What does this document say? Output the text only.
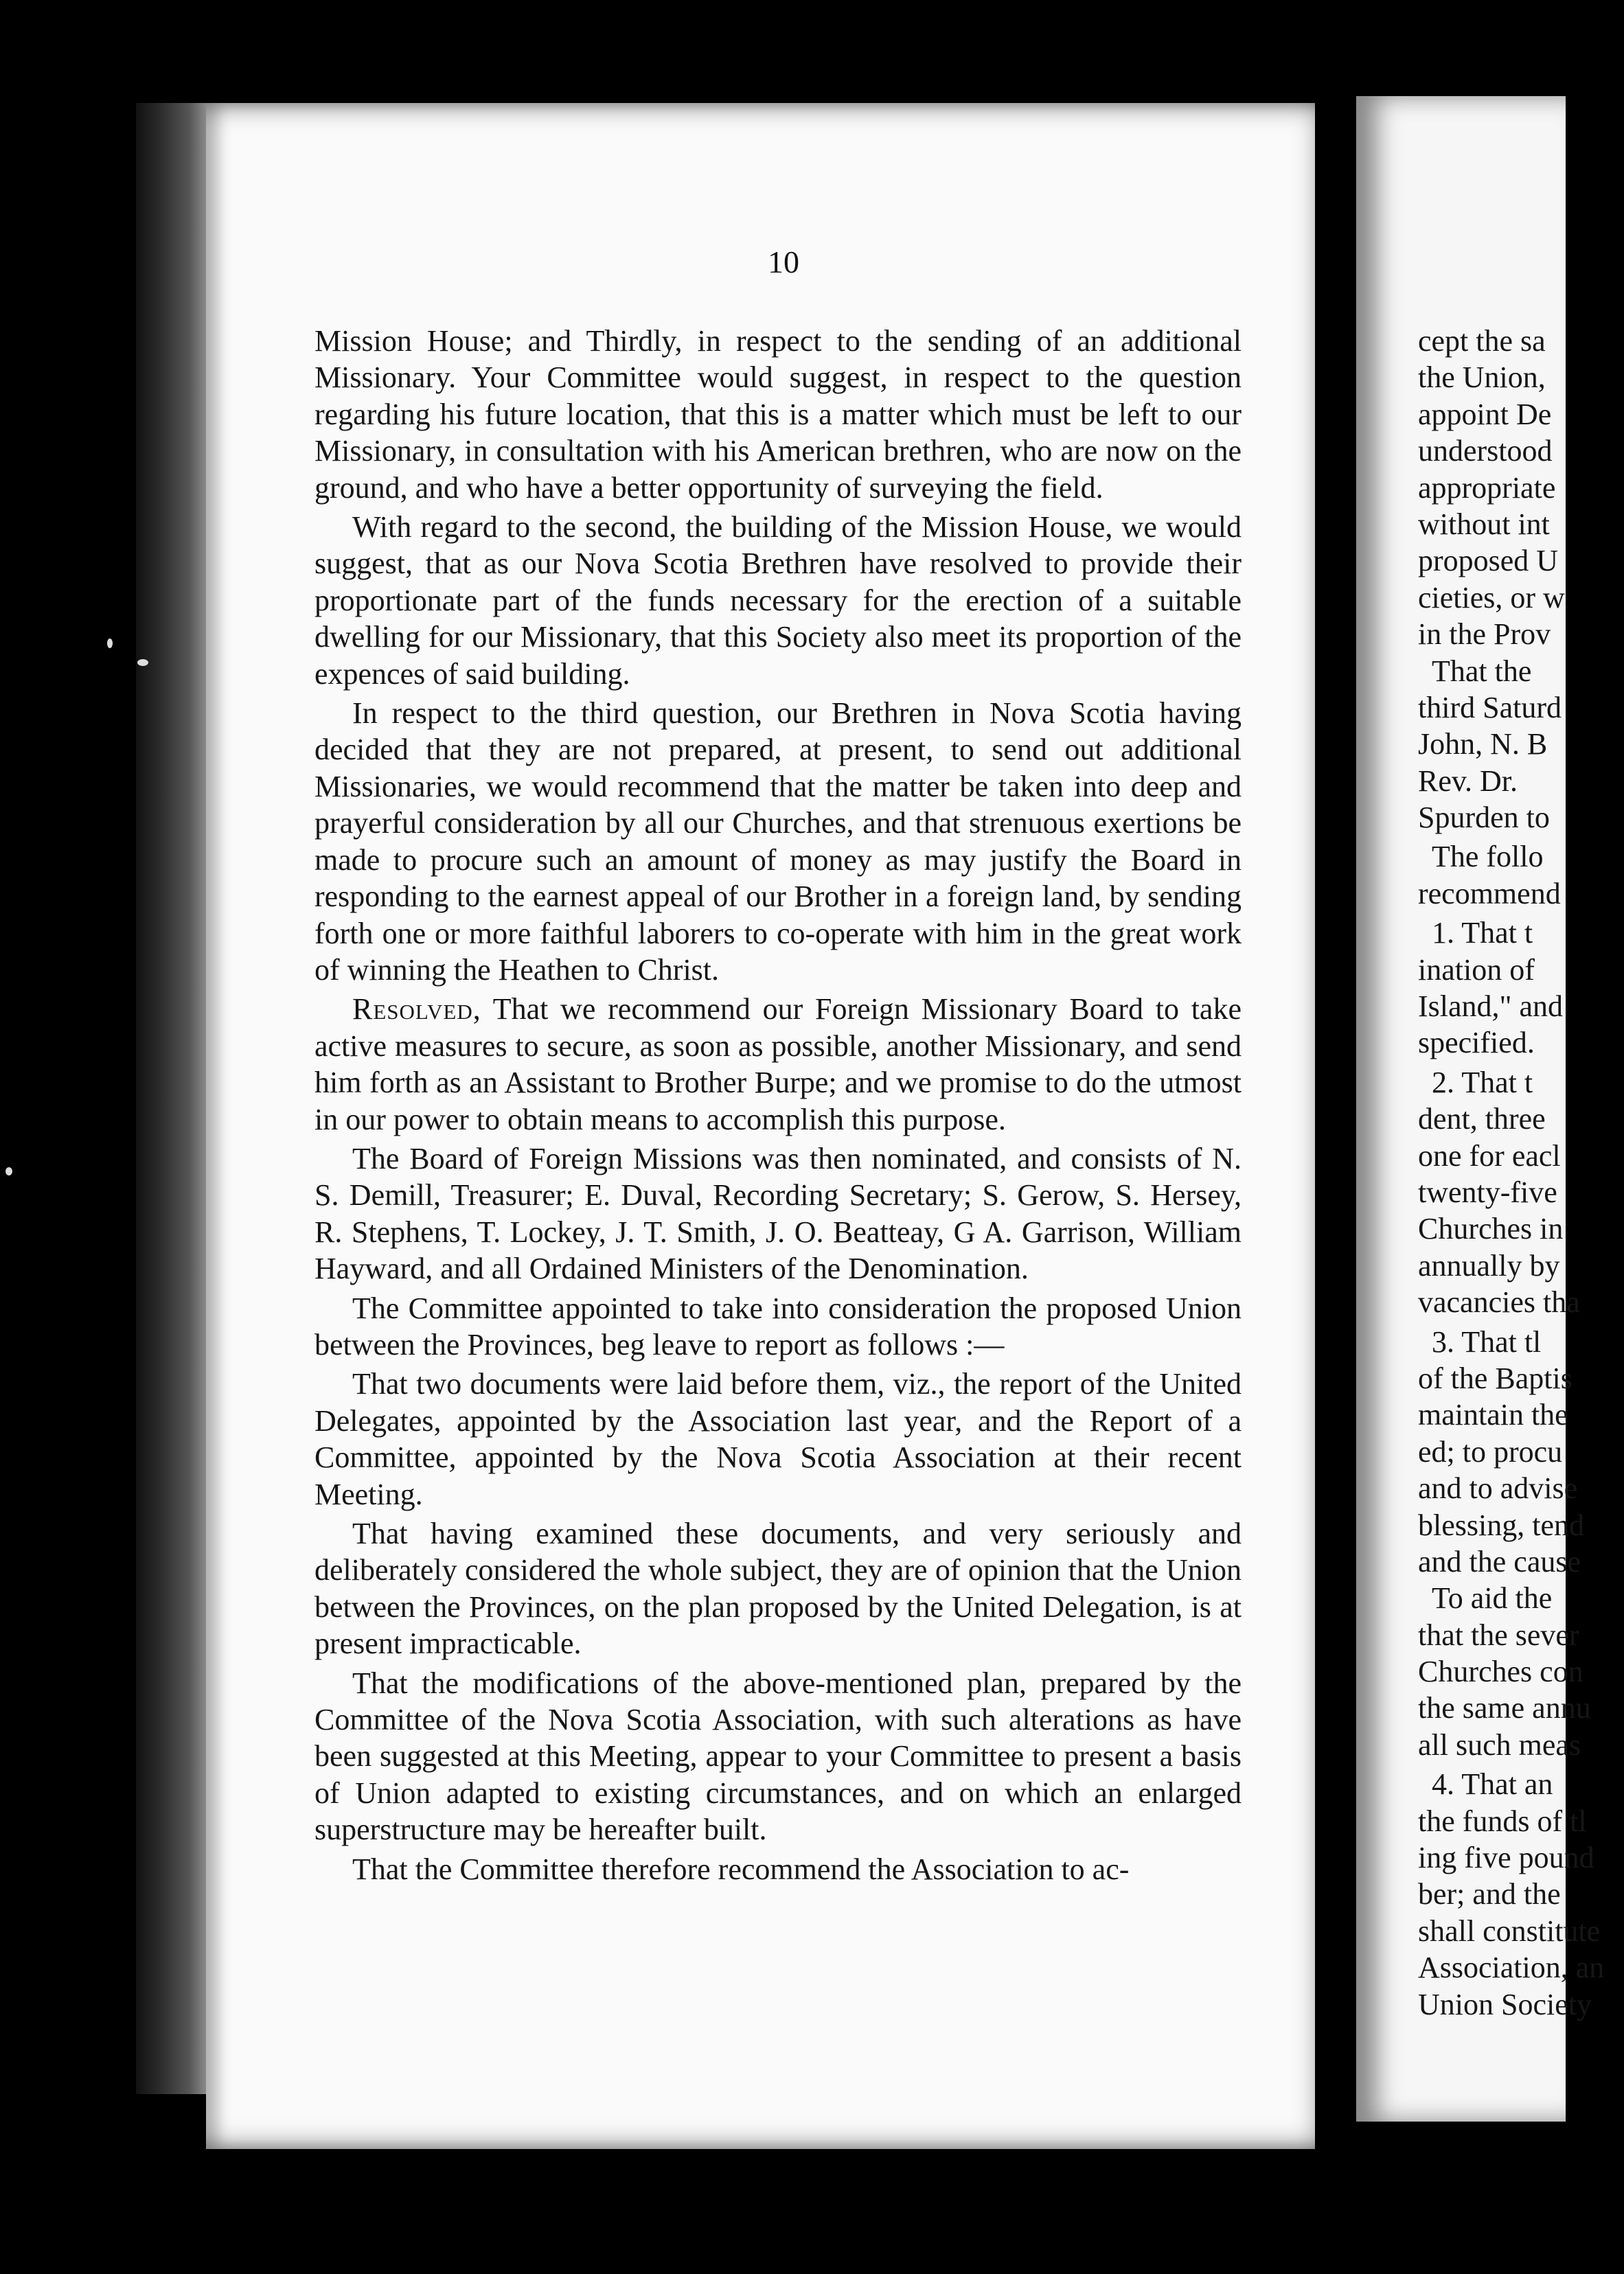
10

Mission House; and Thirdly, in respect to the sending of an additional Missionary. Your Committee would suggest, in respect to the question regarding his future location, that this is a matter which must be left to our Missionary, in consultation with his American brethren, who are now on the ground, and who have a better opportunity of surveying the field.

With regard to the second, the building of the Mission House, we would suggest, that as our Nova Scotia Brethren have resolved to provide their proportionate part of the funds necessary for the erection of a suitable dwelling for our Missionary, that this Society also meet its proportion of the expences of said building.

In respect to the third question, our Brethren in Nova Scotia having decided that they are not prepared, at present, to send out additional Missionaries, we would recommend that the matter be taken into deep and prayerful consideration by all our Churches, and that strenuous exertions be made to procure such an amount of money as may justify the Board in responding to the earnest appeal of our Brother in a foreign land, by sending forth one or more faithful laborers to co-operate with him in the great work of winning the Heathen to Christ.

Resolved, That we recommend our Foreign Missionary Board to take active measures to secure, as soon as possible, another Missionary, and send him forth as an Assistant to Brother Burpe; and we promise to do the utmost in our power to obtain means to accomplish this purpose.

The Board of Foreign Missions was then nominated, and consists of N. S. Demill, Treasurer; E. Duval, Recording Secretary; S. Gerow, S. Hersey, R. Stephens, T. Lockey, J. T. Smith, J. O. Beatteay, G A. Garrison, William Hayward, and all Ordained Ministers of the Denomination.

The Committee appointed to take into consideration the proposed Union between the Provinces, beg leave to report as follows :—

That two documents were laid before them, viz., the report of the United Delegates, appointed by the Association last year, and the Report of a Committee, appointed by the Nova Scotia Association at their recent Meeting.

That having examined these documents, and very seriously and deliberately considered the whole subject, they are of opinion that the Union between the Provinces, on the plan proposed by the United Delegation, is at present impracticable.

That the modifications of the above-mentioned plan, prepared by the Committee of the Nova Scotia Association, with such alterations as have been suggested at this Meeting, appear to your Committee to present a basis of Union adapted to existing circumstances, and on which an enlarged superstructure may be hereafter built.

That the Committee therefore recommend the Association to ac-

cept the sa
the Union,
appoint De
understood
appropriate
without int
proposed U
cieties, or w
in the Prov
That the
third Saturd
John, N. B
Rev. Dr.
Spurden to
The follo
recommend
1. That t
ination of
Island," and
specified.
2. That t
dent, three
one for eacl
twenty-five
Churches in
annually by
vacancies tha
3. That tl
of the Baptis
maintain the
ed; to procu
and to advise
blessing, tend
and the cause
To aid the
that the sever
Churches con
the same annu
all such meas
4. That an
the funds of tl
ing five pound
ber; and the
shall constitute
Association, an
Union Society
